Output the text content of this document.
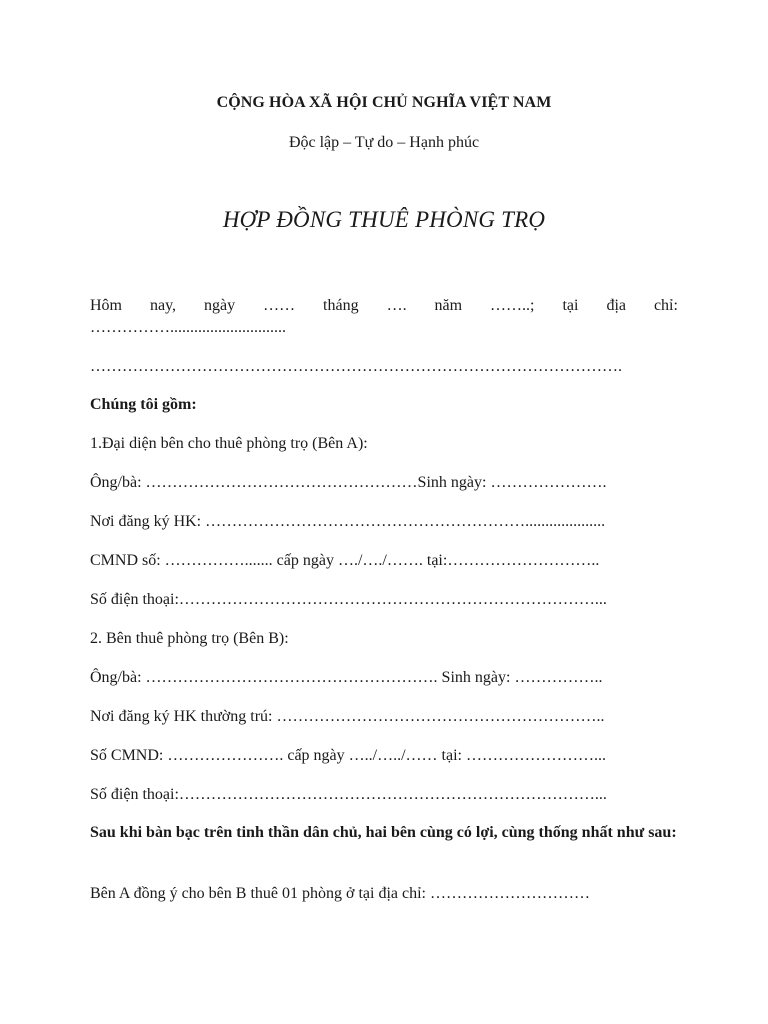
CỘNG HÒA XÃ HỘI CHỦ NGHĨA VIỆT NAM
Độc lập – Tự do – Hạnh phúc
HỢP ĐỒNG THUÊ PHÒNG TRỌ
Hôm nay, ngày …… tháng …. năm ……..; tại địa chỉ:
…………….............................
……………………………………………………………………………………….
Chúng tôi gồm:
1.Đại diện bên cho thuê phòng trọ (Bên A):
Ông/bà: ……………………………………………Sinh ngày: ………………….
Nơi đăng ký HK: ……………………………………………………....................
CMND số: ……………....... cấp ngày …./…./……. tại:………………………..
Số điện thoại:……………………………………………………………………...
2. Bên thuê phòng trọ (Bên B):
Ông/bà: ………………………………………………. Sinh ngày: ……………..
Nơi đăng ký HK thường trú: ……………………………………………………..
Số CMND: …………………. cấp ngày …../…../…… tại: ……………………...
Số điện thoại:……………………………………………………………………...
Sau khi bàn bạc trên tinh thần dân chủ, hai bên cùng có lợi, cùng thống nhất như sau:
Bên A đồng ý cho bên B thuê 01 phòng ở tại địa chỉ: …………………………
